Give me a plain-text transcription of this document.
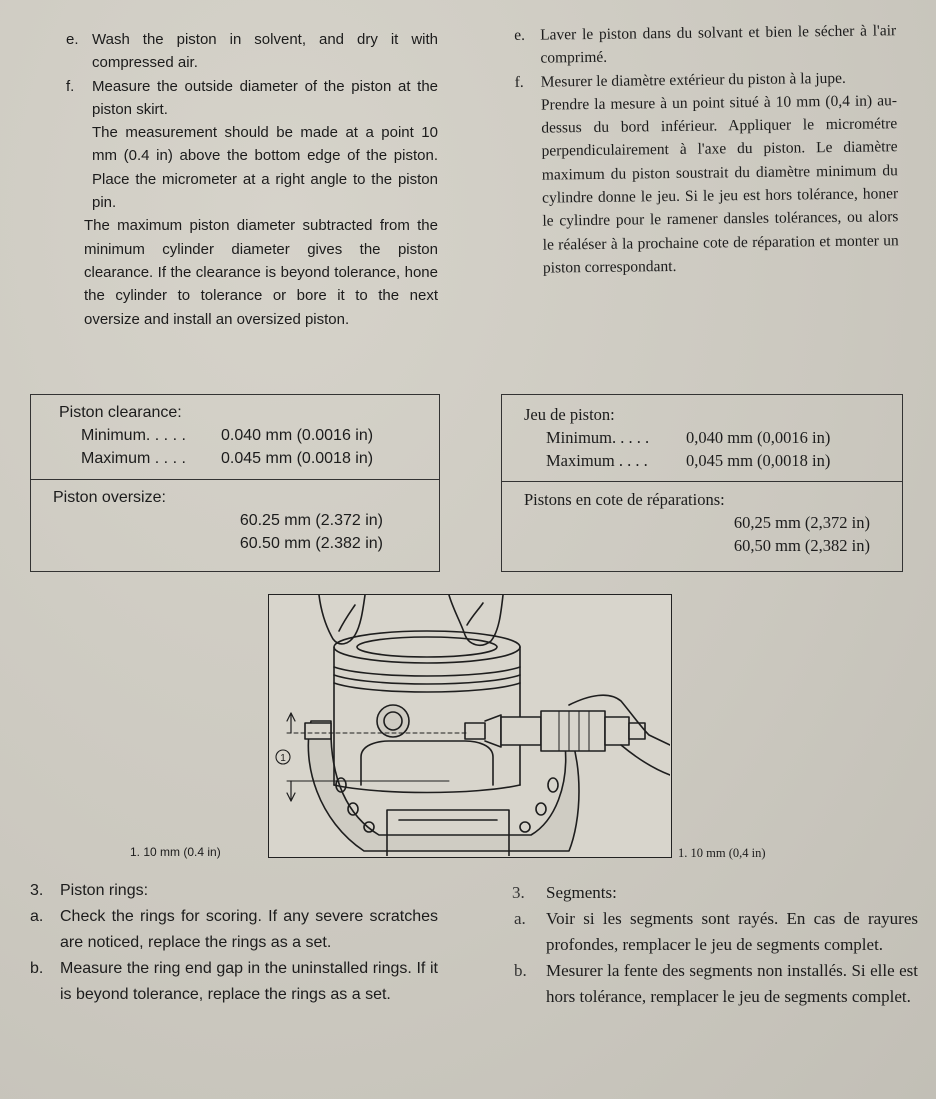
e. Wash the piston in solvent, and dry it with compressed air.
f.	Measure the outside diameter of the piston at the piston skirt.
The measurement should be made at a point 10 mm (0.4 in) above the bottom edge of the piston. Place the micrometer at a right angle to the piston pin.
The maximum piston diameter subtracted from the minimum cylinder diameter gives the piston clearance. If the clearance is beyond tolerance, hone the cylinder to tolerance or bore it to the next oversize and install an oversized piston.
e. Laver le piston dans du solvant et bien le sécher à l'air comprimé.
f.	Mesurer le diamètre extérieur du piston à la jupe.
Prendre la mesure à un point situé à 10 mm (0,4 in) au-dessus du bord inférieur. Appliquer le micrométre perpendiculairement à l'axe du piston. Le diamètre maximum du piston soustrait du diamètre minimum du cylindre donne le jeu. Si le jeu est hors tolérance, honer le cylindre pour le ramener dansles tolérances, ou alors le réaléser à la prochaine cote de réparation et monter un piston correspondant.
Piston clearance:
Minimum. . . . .	0.040 mm (0.0016 in)
Maximum . . . .	0.045 mm (0.0018 in)
Piston oversize:
60.25 mm (2.372 in)
60.50 mm (2.382 in)
Jeu de piston:
Minimum. . . . .	0,040 mm (0,0016 in)
Maximum . . . .	0,045 mm (0,0018 in)
Pistons en cote de réparations:
60,25 mm (2,372 in)
60,50 mm (2,382 in)
1
1. 10 mm (0.4 in)	1. 10 mm (0,4 in)
3.	Piston rings:
a.	Check the rings for scoring. If any severe scratches are noticed, replace the rings as a set.
b.	Measure the ring end gap in the uninstalled rings. If it is beyond tolerance, replace the rings as a set.
3.	Segments:
a.	Voir si les segments sont rayés. En cas de rayures profondes, remplacer le jeu de segments complet.
b.	Mesurer la fente des segments non installés. Si elle est hors tolérance, remplacer le jeu de segments complet.
